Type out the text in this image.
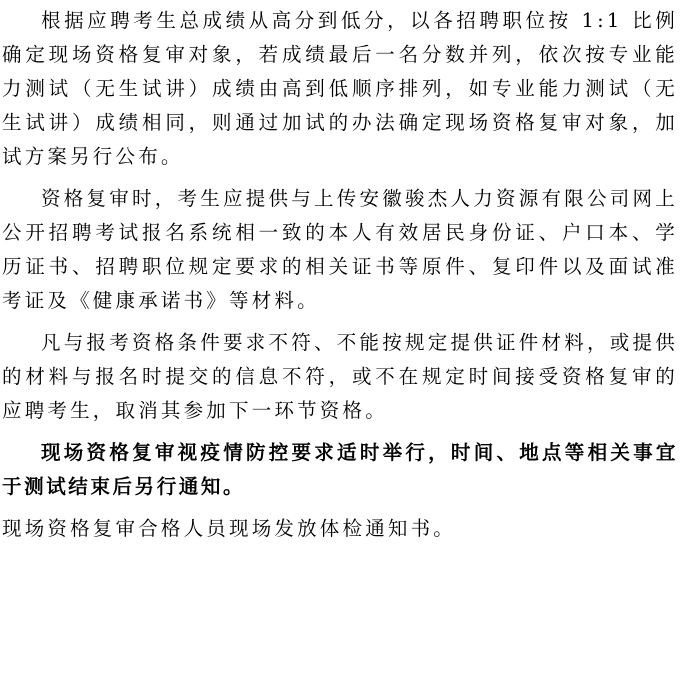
根据应聘考生总成绩从高分到低分，以各招聘职位按 1:1 比例确定现场资格复审对象，若成绩最后一名分数并列，依次按专业能力测试（无生试讲）成绩由高到低顺序排列，如专业能力测试（无生试讲）成绩相同，则通过加试的办法确定现场资格复审对象，加试方案另行公布。

资格复审时，考生应提供与上传安徽骏杰人力资源有限公司网上公开招聘考试报名系统相一致的本人有效居民身份证、户口本、学历证书、招聘职位规定要求的相关证书等原件、复印件以及面试准考证及《健康承诺书》等材料。

凡与报考资格条件要求不符、不能按规定提供证件材料，或提供的材料与报名时提交的信息不符，或不在规定时间接受资格复审的应聘考生，取消其参加下一环节资格。

现场资格复审视疫情防控要求适时举行，时间、地点等相关事宜于测试结束后另行通知。

现场资格复审合格人员现场发放体检通知书。
